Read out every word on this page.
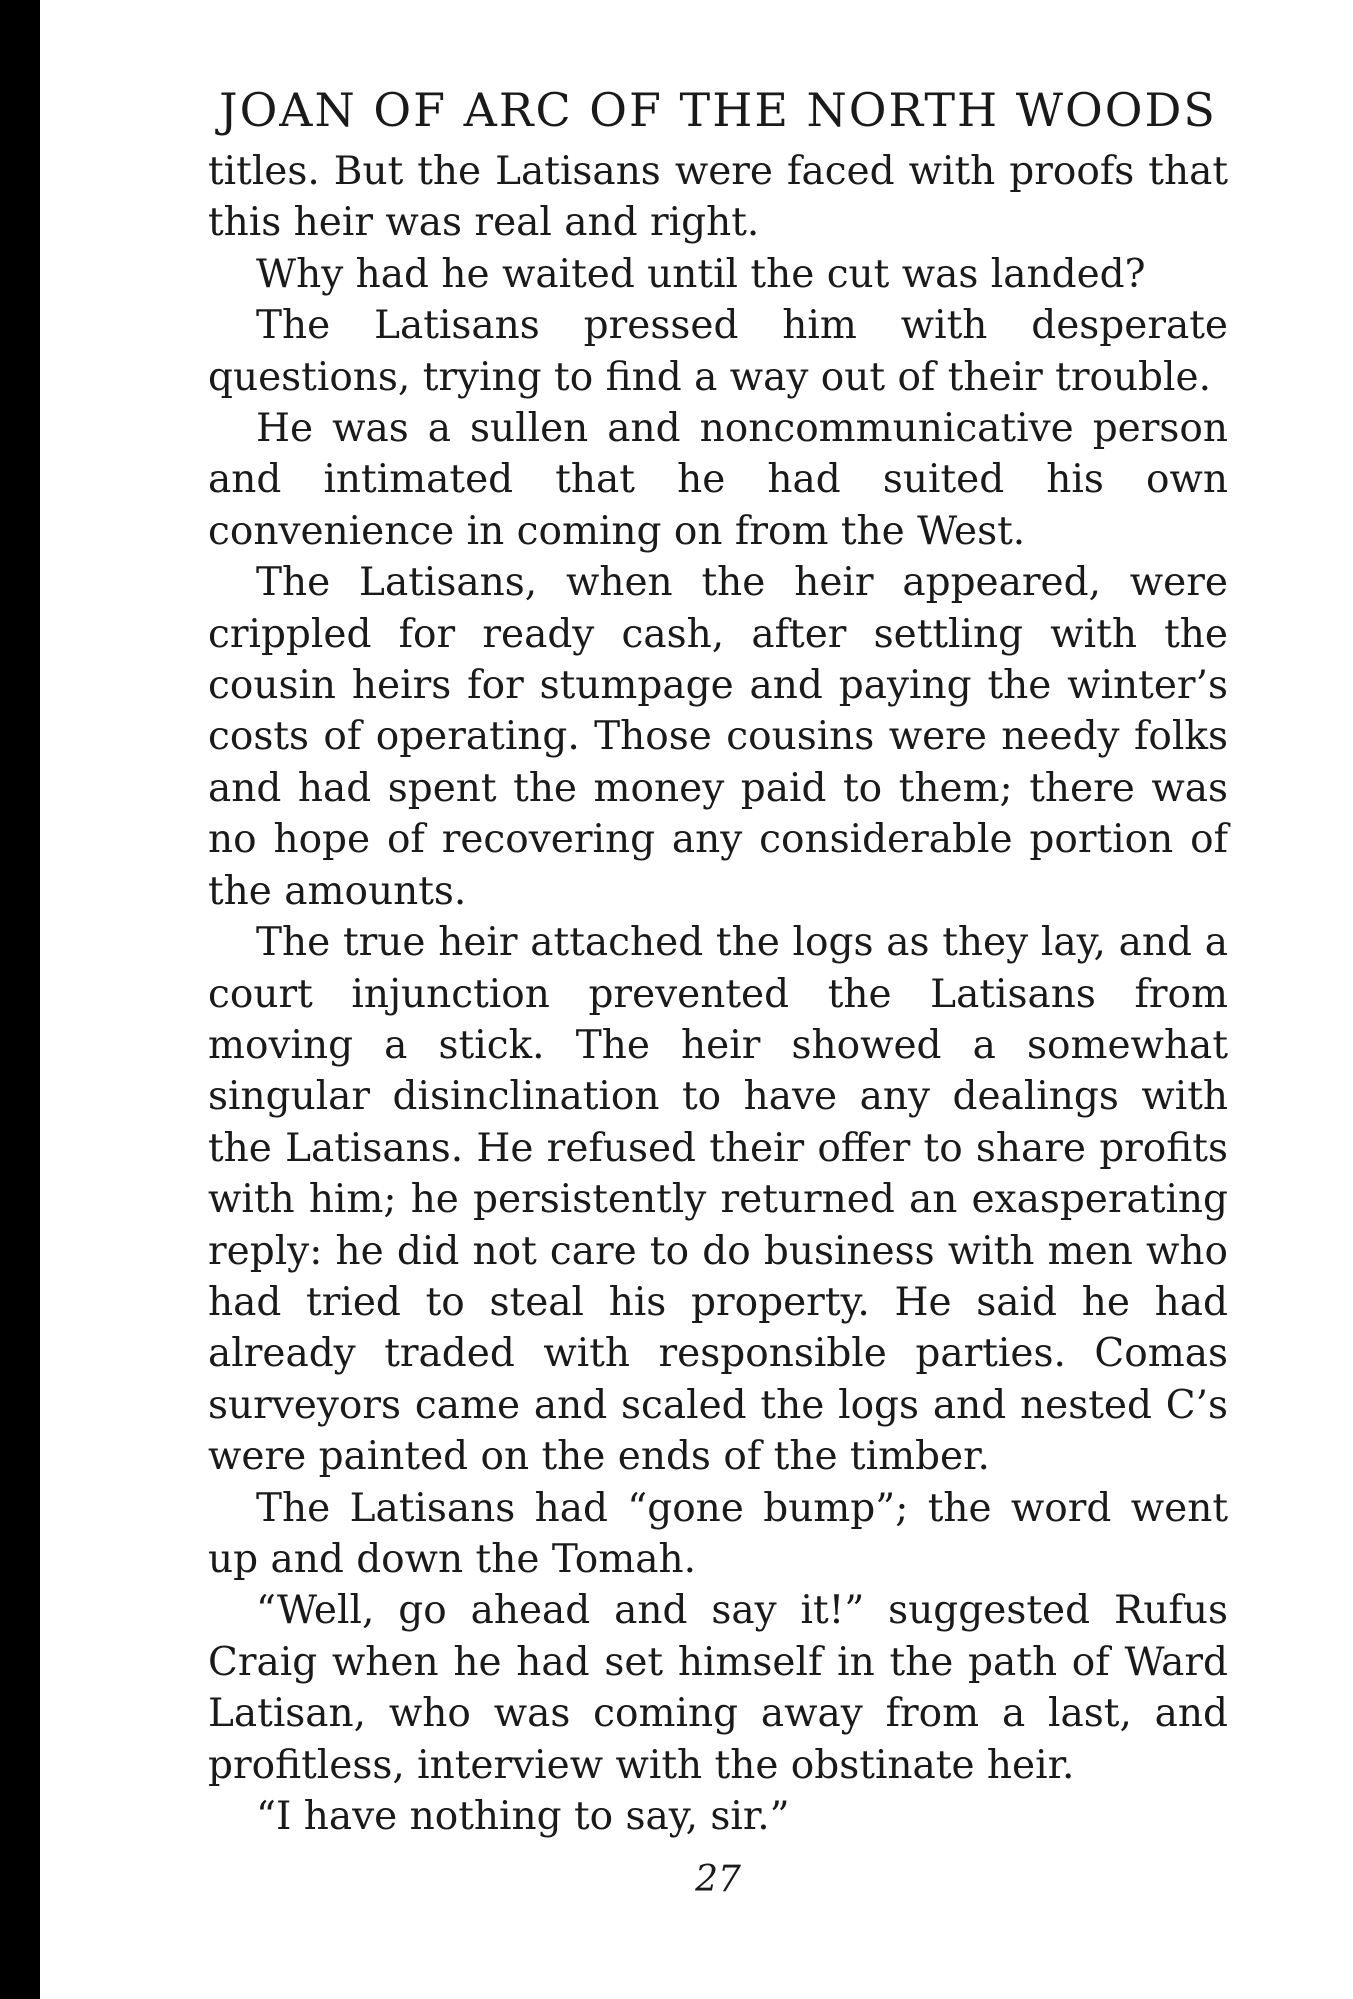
JOAN OF ARC OF THE NORTH WOODS

titles. But the Latisans were faced with proofs that this heir was real and right.

Why had he waited until the cut was landed?

The Latisans pressed him with desperate questions, trying to find a way out of their trouble.

He was a sullen and noncommunicative person and intimated that he had suited his own convenience in coming on from the West.

The Latisans, when the heir appeared, were crippled for ready cash, after settling with the cousin heirs for stumpage and paying the winter’s costs of operating. Those cousins were needy folks and had spent the money paid to them; there was no hope of recovering any considerable portion of the amounts.

The true heir attached the logs as they lay, and a court injunction prevented the Latisans from moving a stick. The heir showed a somewhat singular disinclination to have any dealings with the Latisans. He refused their offer to share profits with him; he persistently returned an exasperating reply: he did not care to do business with men who had tried to steal his property. He said he had already traded with responsible parties. Comas surveyors came and scaled the logs and nested C’s were painted on the ends of the timber.

The Latisans had “gone bump”; the word went up and down the Tomah.

“Well, go ahead and say it!” suggested Rufus Craig when he had set himself in the path of Ward Latisan, who was coming away from a last, and profitless, interview with the obstinate heir.

“I have nothing to say, sir.”

27
